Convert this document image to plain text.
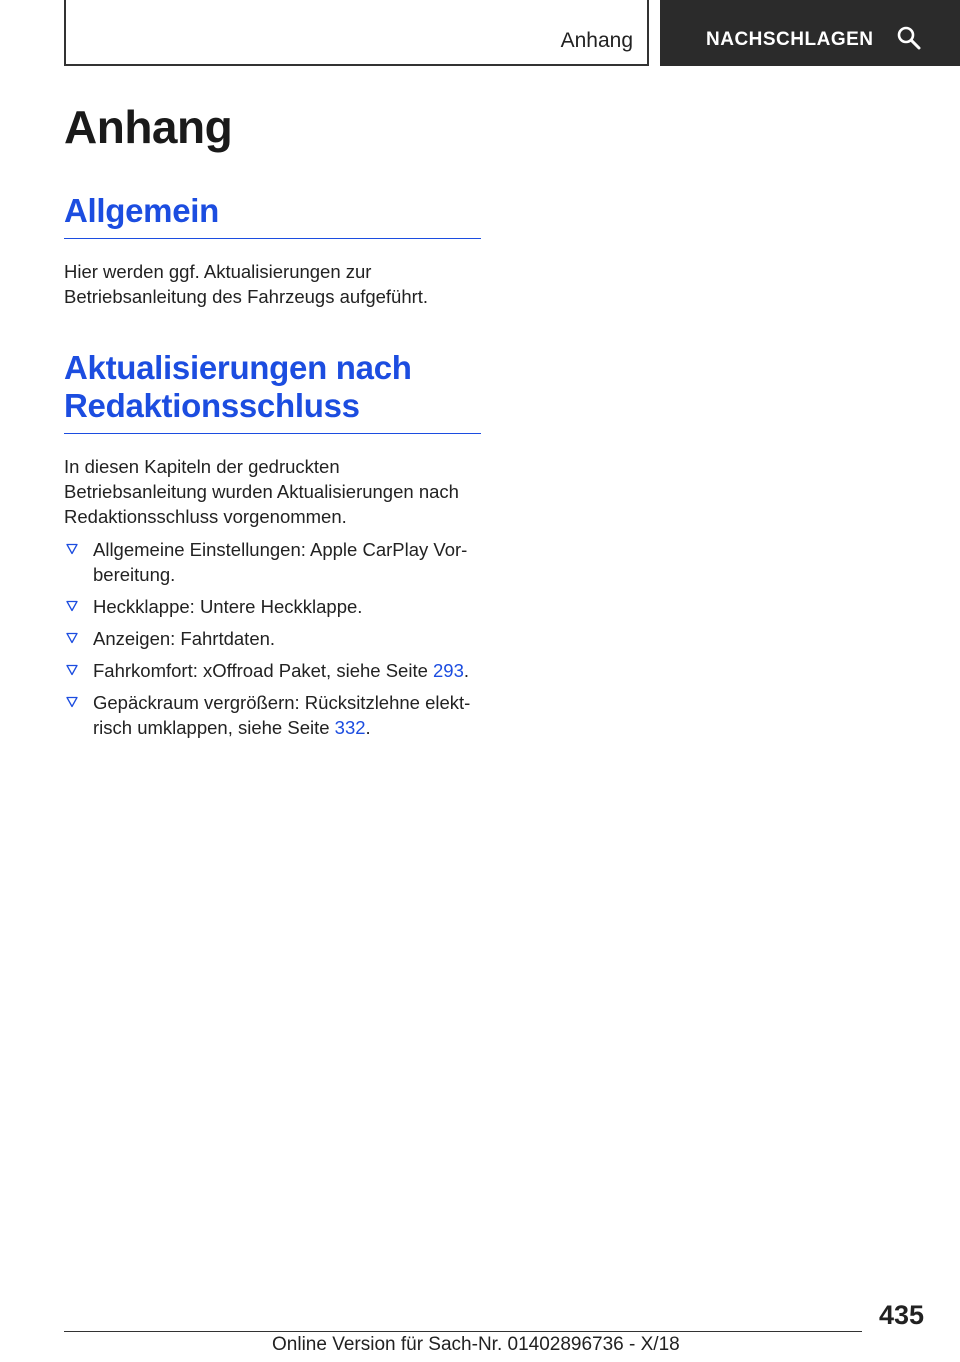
Anhang	NACHSCHLAGEN
Anhang
Allgemein

Hier werden ggf. Aktualisierungen zur
Betriebsanleitung des Fahrzeugs aufgeführt.

Aktualisierungen nach
Redaktionsschluss

In diesen Kapiteln der gedruckten
Betriebsanleitung wurden Aktualisierungen nach
Redaktionsschluss vorgenommen.

Allgemeine Einstellungen: Apple CarPlay Vor-
bereitung.
Heckklappe: Untere Heckklappe.
Anzeigen: Fahrtdaten.
Fahrkomfort: xOffroad Paket, siehe Seite 293.
Gepäckraum vergrößern: Rücksitzlehne elekt-
risch umklappen, siehe Seite 332.
435
Online Version für Sach-Nr. 01402896736 - X/18
